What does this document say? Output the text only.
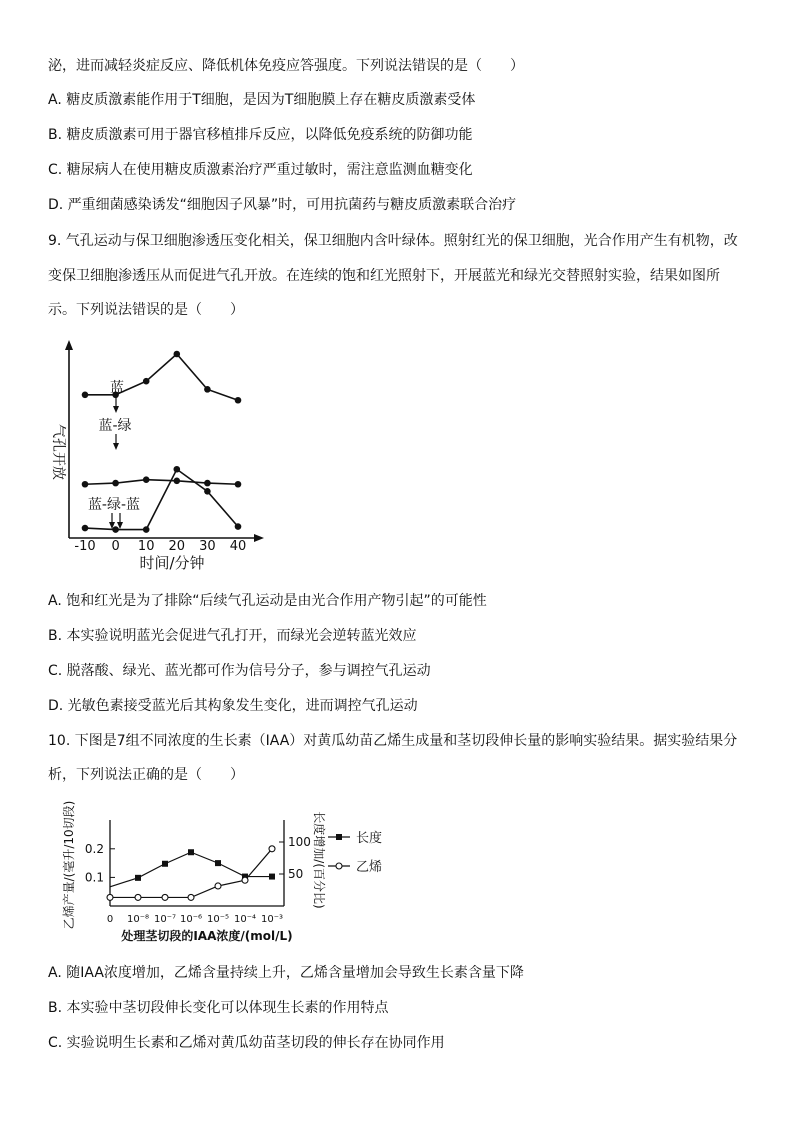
泌，进而减轻炎症反应、降低机体免疫应答强度。下列说法错误的是（　　）
A. 糖皮质激素能作用于T细胞，是因为T细胞膜上存在糖皮质激素受体
B. 糖皮质激素可用于器官移植排斥反应，以降低免疫系统的防御功能
C. 糖尿病人在使用糖皮质激素治疗严重过敏时，需注意监测血糖变化
D. 严重细菌感染诱发“细胞因子风暴”时，可用抗菌药与糖皮质激素联合治疗
9. 气孔运动与保卫细胞渗透压变化相关，保卫细胞内含叶绿体。照射红光的保卫细胞，光合作用产生有机物，改
变保卫细胞渗透压从而促进气孔开放。在连续的饱和红光照射下，开展蓝光和绿光交替照射实验，结果如图所
示。下列说法错误的是（　　）
气孔开放
时间/分钟
-10 0 10 20 30 40
蓝
蓝-绿
蓝-绿-蓝
乙烯产量/(毫升/10切段)	长度增加/(百分比)
处理茎切段的IAA浓度/(mol/L)
0 10⁻⁸ 10⁻⁷ 10⁻⁶ 10⁻⁵ 10⁻⁴ 10⁻³
0.1
0.2
50
100	长度
乙烯
A. 饱和红光是为了排除“后续气孔运动是由光合作用产物引起”的可能性
B. 本实验说明蓝光会促进气孔打开，而绿光会逆转蓝光效应
C. 脱落酸、绿光、蓝光都可作为信号分子，参与调控气孔运动
D. 光敏色素接受蓝光后其构象发生变化，进而调控气孔运动
10. 下图是7组不同浓度的生长素（IAA）对黄瓜幼苗乙烯生成量和茎切段伸长量的影响实验结果。据实验结果分
析，下列说法正确的是（　　）
A. 随IAA浓度增加，乙烯含量持续上升，乙烯含量增加会导致生长素含量下降
B. 本实验中茎切段伸长变化可以体现生长素的作用特点
C. 实验说明生长素和乙烯对黄瓜幼苗茎切段的伸长存在协同作用
